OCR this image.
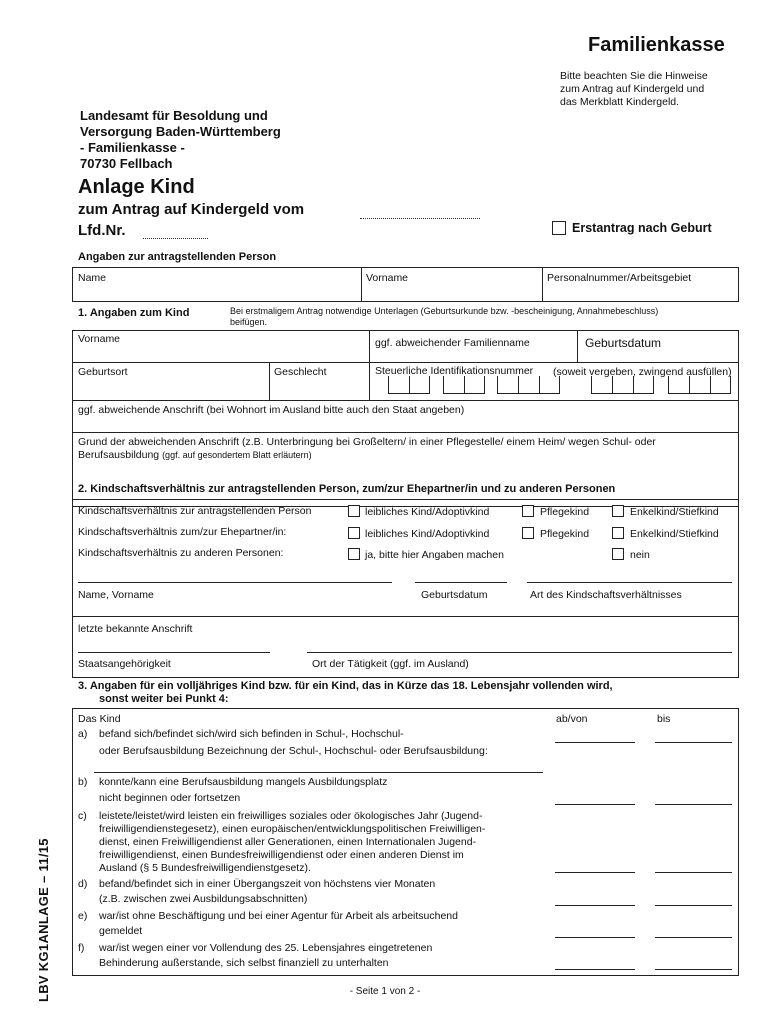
Familienkasse
Bitte beachten Sie die Hinweise
zum Antrag auf Kindergeld und
das Merkblatt Kindergeld.
Landesamt für Besoldung und
Versorgung Baden-Württemberg
- Familienkasse -
70730 Fellbach
Anlage Kind
zum Antrag auf Kindergeld vom
Lfd.Nr.	Erstantrag nach Geburt
Angaben zur antragstellenden Person
Name	Vorname	Personalnummer/Arbeitsgebiet
1. Angaben zum Kind	Bei erstmaligem Antrag notwendige Unterlagen (Geburtsurkunde bzw. -bescheinigung, Annahmebeschluss)
beifügen.
Vorname	ggf. abweichender Familienname	Geburtsdatum
Geburtsort	Geschlecht	Steuerliche Identifikationsnummer (soweit vergeben, zwingend ausfüllen)
ggf. abweichende Anschrift (bei Wohnort im Ausland bitte auch den Staat angeben)
Grund der abweichenden Anschrift (z.B. Unterbringung bei Großeltern/ in einer Pflegestelle/ einem Heim/ wegen Schul- oder
Berufsausbildung (ggf. auf gesondertem Blatt erläutern)
2. Kindschaftsverhältnis zur antragstellenden Person, zum/zur Ehepartner/in und zu anderen Personen
Kindschaftsverhältnis zur antragstellenden Person	leibliches Kind/Adoptivkind	Pflegekind	Enkelkind/Stiefkind
Kindschaftsverhältnis zum/zur Ehepartner/in:	leibliches Kind/Adoptivkind	Pflegekind	Enkelkind/Stiefkind
Kindschaftsverhältnis zu anderen Personen:	ja, bitte hier Angaben machen	nein
Name, Vorname	Geburtsdatum	Art des Kindschaftsverhältnisses
letzte bekannte Anschrift
Staatsangehörigkeit	Ort der Tätigkeit (ggf. im Ausland)
3. Angaben für ein volljähriges Kind bzw. für ein Kind, das in Kürze das 18. Lebensjahr vollenden wird,
sonst weiter bei Punkt 4:
Das Kind	ab/von	bis
a) befand sich/befindet sich/wird sich befinden in Schul-, Hochschul-
oder Berufsausbildung Bezeichnung der Schul-, Hochschul- oder Berufsausbildung:
b) konnte/kann eine Berufsausbildung mangels Ausbildungsplatz
nicht beginnen oder fortsetzen
c) leistete/leistet/wird leisten ein freiwilliges soziales oder ökologisches Jahr (Jugend-
freiwilligendienstegesetz), einen europäischen/entwicklungspolitischen Freiwilligen-
dienst, einen Freiwilligendienst aller Generationen, einen Internationalen Jugend-
freiwilligendienst, einen Bundesfreiwilligendienst oder einen anderen Dienst im
Ausland (§ 5 Bundesfreiwilligendienstgesetz).
d) befand/befindet sich in einer Übergangszeit von höchstens vier Monaten
(z.B. zwischen zwei Ausbildungsabschnitten)
e) war/ist ohne Beschäftigung und bei einer Agentur für Arbeit als arbeitsuchend
gemeldet
f) war/ist wegen einer vor Vollendung des 25. Lebensjahres eingetretenen
Behinderung außerstande, sich selbst finanziell zu unterhalten
- Seite 1 von 2 -
LBV KG1ANLAGE – 11/15
